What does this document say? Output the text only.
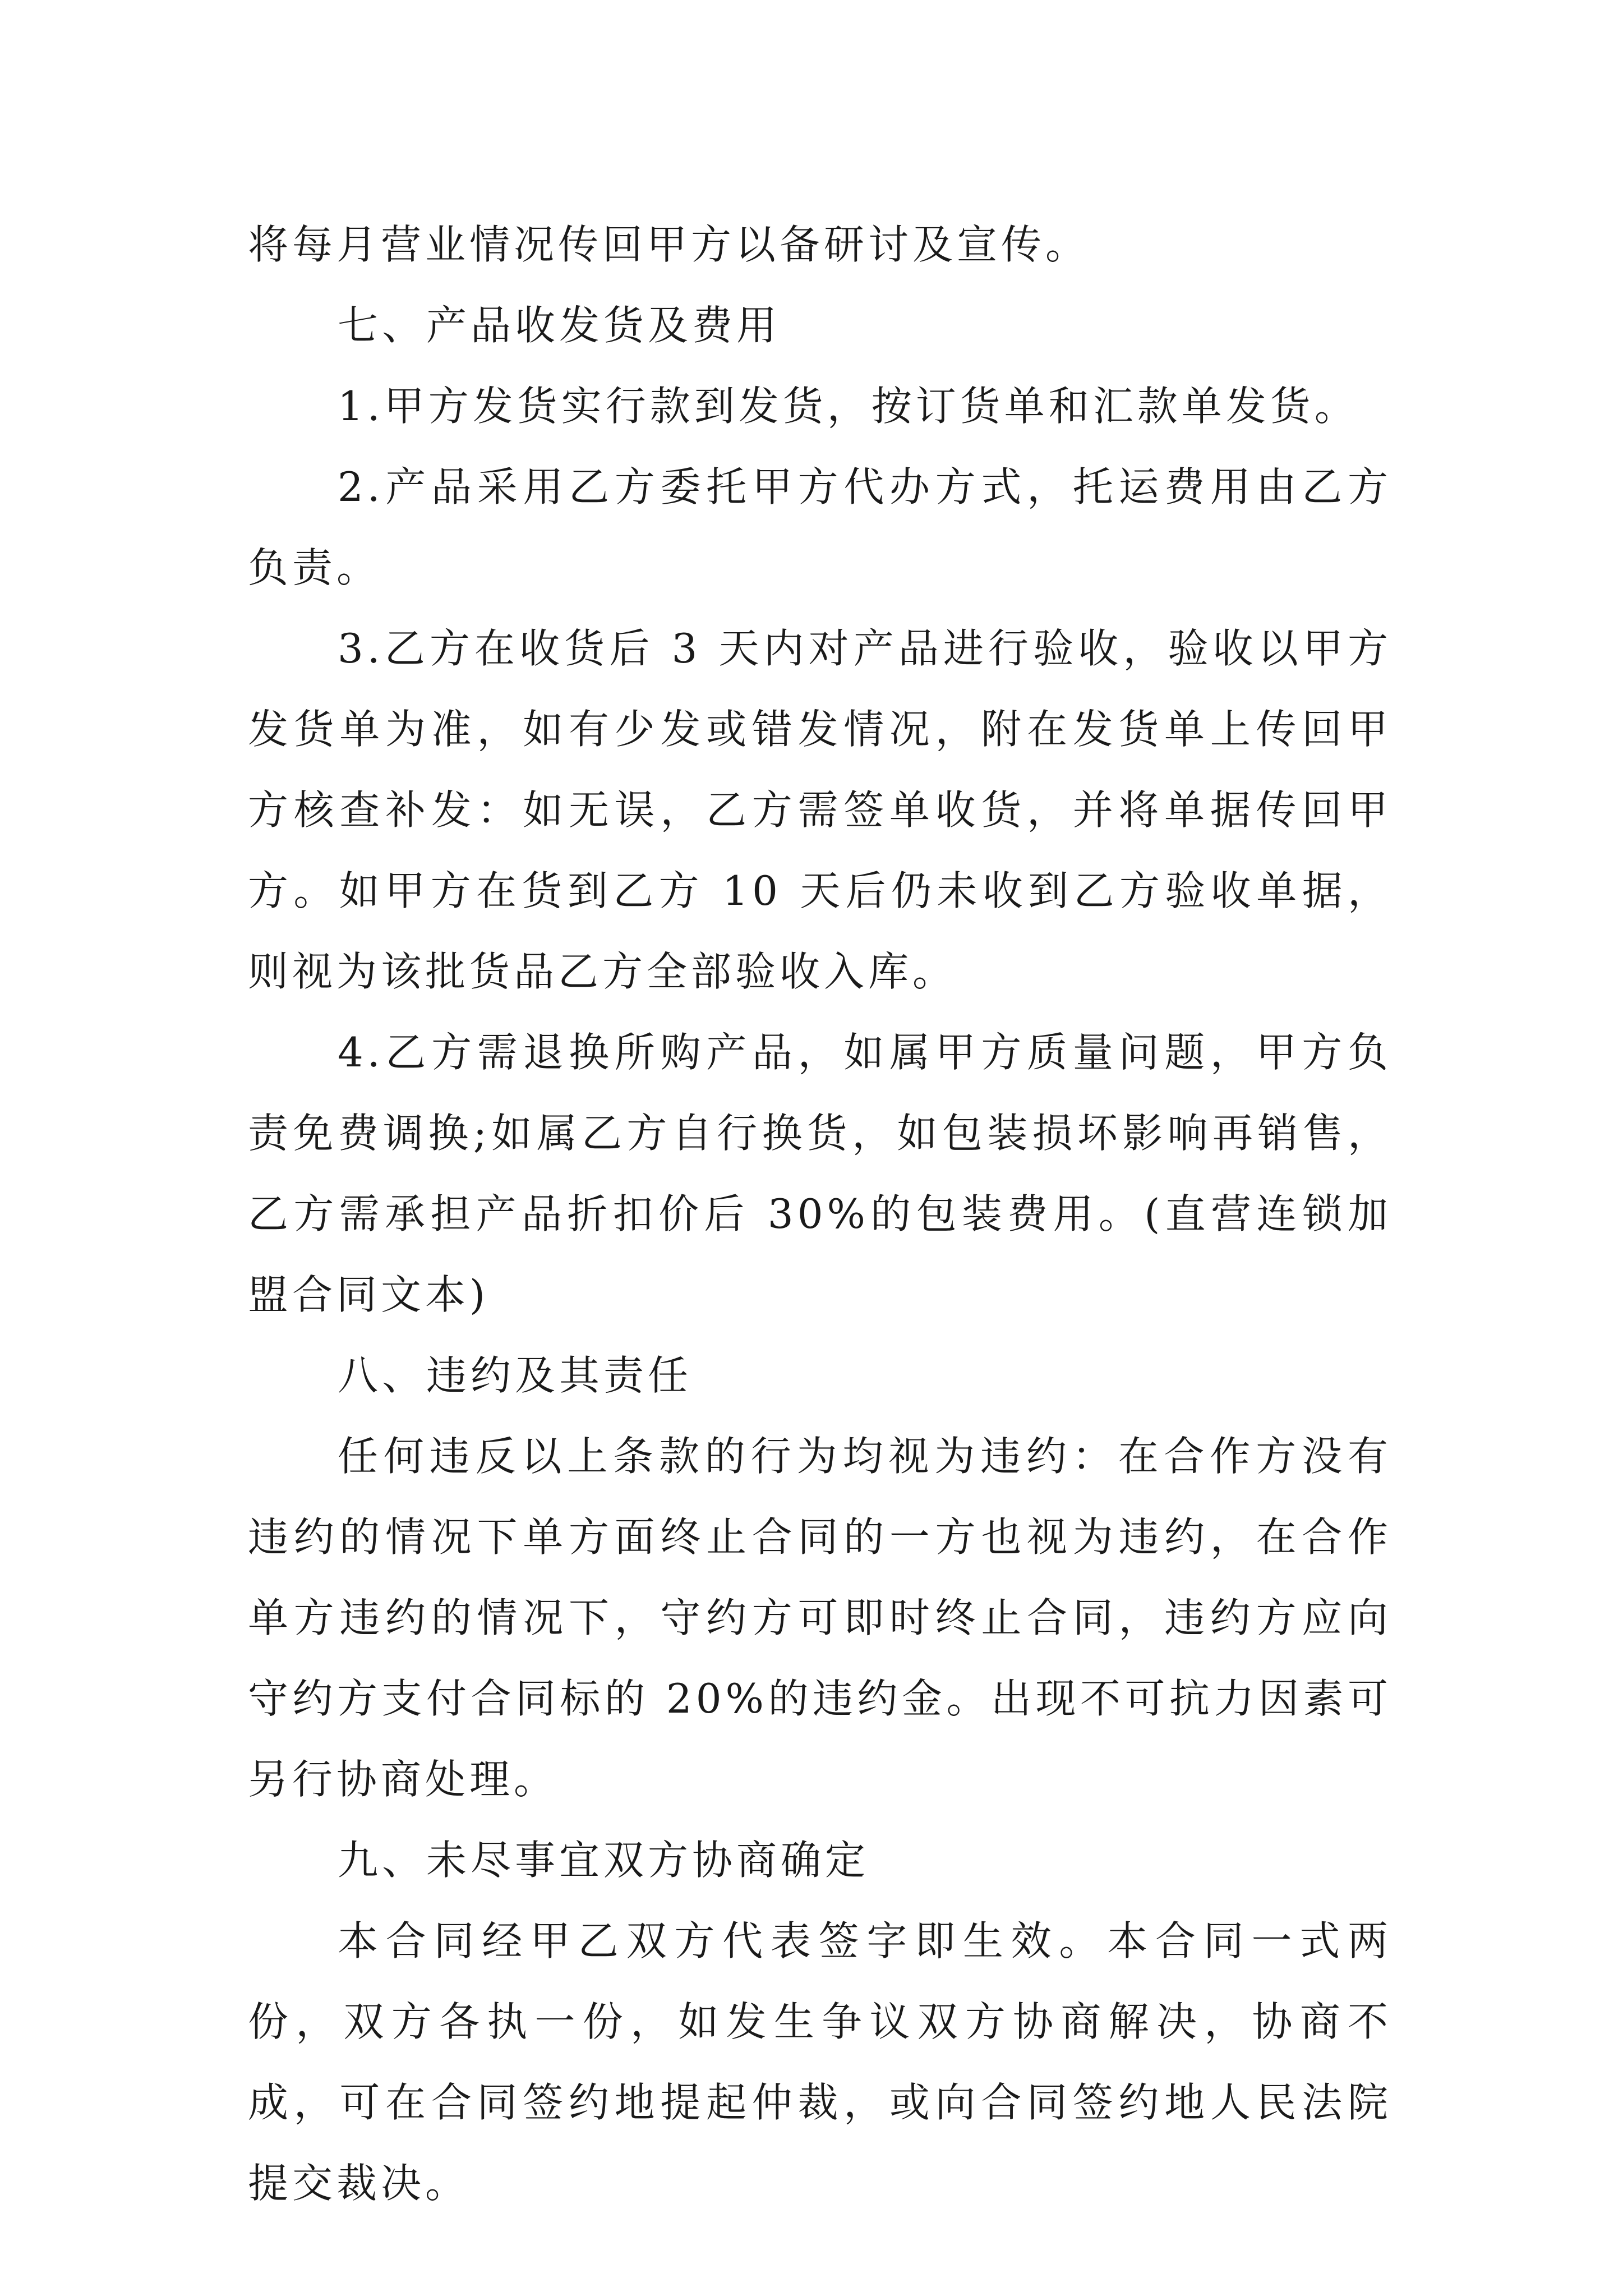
将每月营业情况传回甲方以备研讨及宣传。

七、产品收发货及费用

1.甲方发货实行款到发货，按订货单和汇款单发货。

2.产品采用乙方委托甲方代办方式，托运费用由乙方负责。

3.乙方在收货后 3 天内对产品进行验收，验收以甲方发货单为准，如有少发或错发情况，附在发货单上传回甲方核查补发：如无误，乙方需签单收货，并将单据传回甲方。如甲方在货到乙方 10 天后仍未收到乙方验收单据，则视为该批货品乙方全部验收入库。

4.乙方需退换所购产品，如属甲方质量问题，甲方负责免费调换;如属乙方自行换货，如包装损坏影响再销售，乙方需承担产品折扣价后 30%的包装费用。(直营连锁加盟合同文本)

八、违约及其责任

任何违反以上条款的行为均视为违约：在合作方没有违约的情况下单方面终止合同的一方也视为违约，在合作单方违约的情况下，守约方可即时终止合同，违约方应向守约方支付合同标的 20%的违约金。出现不可抗力因素可另行协商处理。

九、未尽事宜双方协商确定

本合同经甲乙双方代表签字即生效。本合同一式两份，双方各执一份，如发生争议双方协商解决，协商不成，可在合同签约地提起仲裁，或向合同签约地人民法院提交裁决。
